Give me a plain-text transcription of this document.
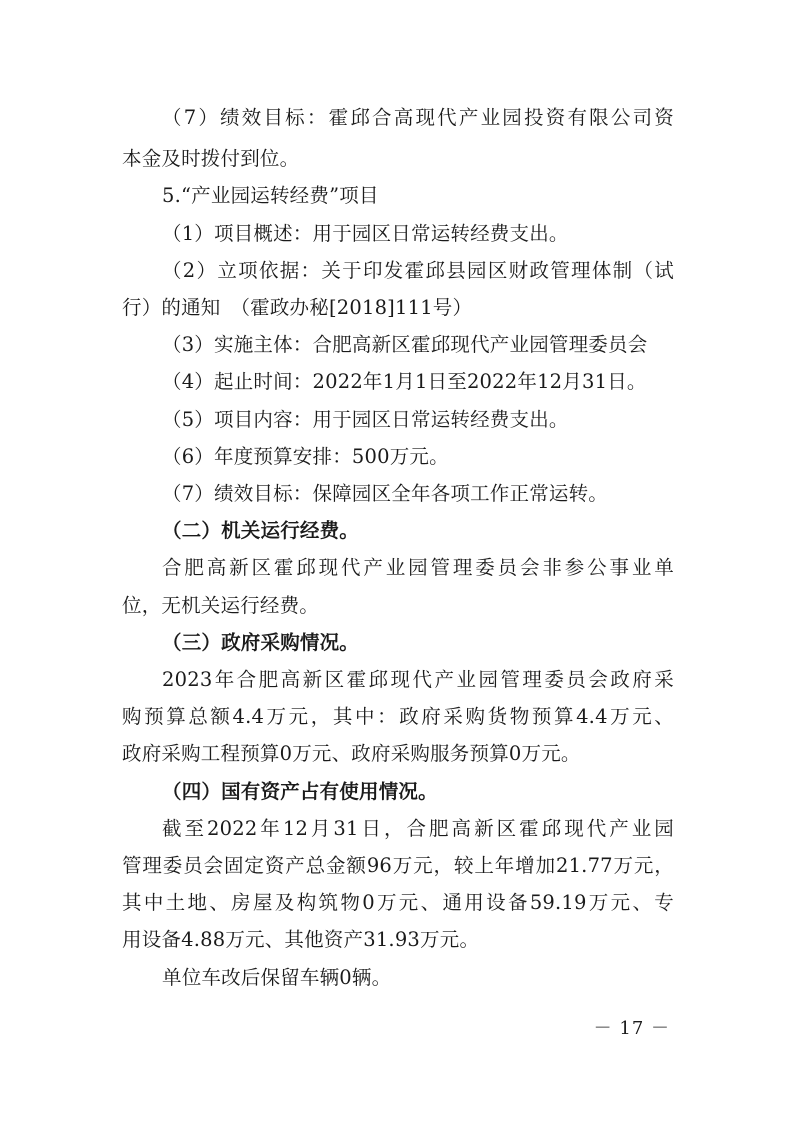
（7）绩效目标：霍邱合高现代产业园投资有限公司资
本金及时拨付到位。
5.“产业园运转经费”项目
（1）项目概述：用于园区日常运转经费支出。
（2）立项依据：关于印发霍邱县园区财政管理体制（试
行）的通知　（霍政办秘[2018]111号）
（3）实施主体：合肥高新区霍邱现代产业园管理委员会
（4）起止时间：2022年1月1日至2022年12月31日。
（5）项目内容：用于园区日常运转经费支出。
（6）年度预算安排：500万元。
（7）绩效目标：保障园区全年各项工作正常运转。
（二）机关运行经费。
合肥高新区霍邱现代产业园管理委员会非参公事业单
位，无机关运行经费。
（三）政府采购情况。
2023年合肥高新区霍邱现代产业园管理委员会政府采
购预算总额4.4万元，其中：政府采购货物预算4.4万元、
政府采购工程预算0万元、政府采购服务预算0万元。
（四）国有资产占有使用情况。
截至2022年12月31日，合肥高新区霍邱现代产业园
管理委员会固定资产总金额96万元，较上年增加21.77万元，
其中土地、房屋及构筑物0万元、通用设备59.19万元、专
用设备4.88万元、其他资产31.93万元。
单位车改后保留车辆0辆。
－ 17 －
